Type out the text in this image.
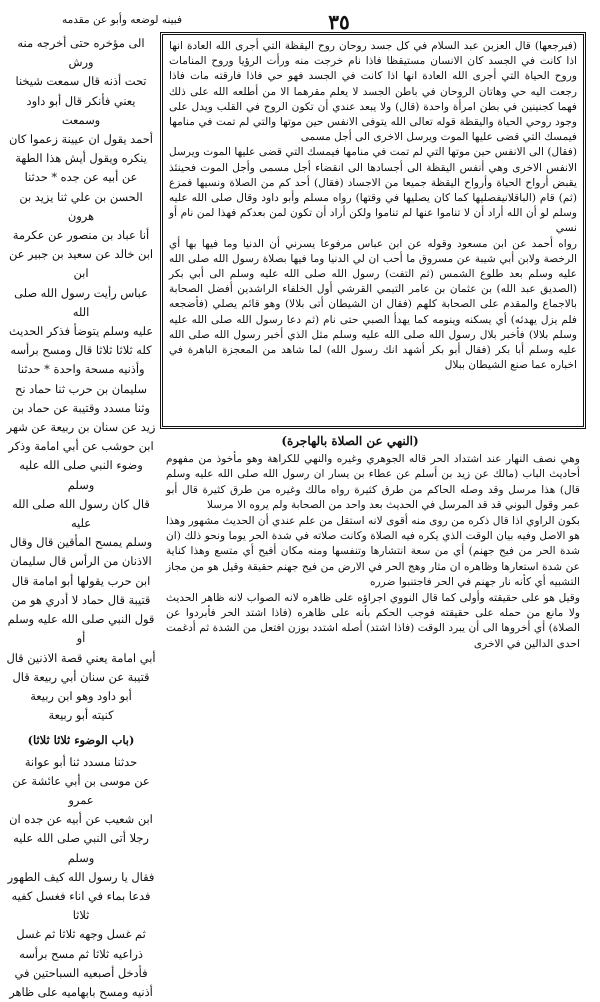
فبينه لوضعه وأبو عن مقدمه	٣٥

(فيرجعها) قال العزبن عبد السلام في كل جسد روحان روح اليقظة التي أجرى الله العادة انها اذا كانت في الجسد كان الانسان مستيقظا فاذا نام خرجت منه ورأت الرؤيا وروح المنامات وروح الحياة التي أجرى الله العادة انها اذا كانت في الجسد فهو حي فاذا فارقته مات فاذا رجعت اليه حي وهاتان الروحان في باطن الجسد لا يعلم مقرهما الا من أطلعه الله على ذلك فهما كجنينين في بطن امرأة واحدة (قال) ولا يبعد عندي أن تكون الروح في القلب ويدل على وجود روحي الحياة واليقظة قوله تعالى الله يتوفى الانفس حين موتها والتي لم تمت في منامها فيمسك التي قضى عليها الموت ويرسل الاخرى الى أجل مسمى

(فقال) الى الانفس حين موتها التي لم تمت في منامها فيمسك التي قضى عليها الموت ويرسل الانفس الاخرى وهي أنفس اليقظة الى أجسادها الى انقضاء أجل مسمى وأجل الموت فحينئذ يقبض أرواح الحياة وأرواح اليقظة جميعا من الاجساد (فقال) أحد كم من الصلاة ونسيها فمزع (ثم) قام (الباقلانيفصليها كما كان يصليها في وقتها) رواه مسلم وأبو داود وقال صلى الله عليه وسلم لو أن الله أراد أن لا تناموا عنها لم تناموا ولكن أراد أن تكون لمن بعدكم فهذا لمن نام أو نسي

رواه أحمد عن ابن مسعود وقوله عن ابن عباس مرفوعا يسرني أن الدنيا وما فيها بها أي الرخصة ولابن أبي شيبة عن مسروق ما أحب ان لي الدنيا وما فيها بصلاة رسول الله صلى الله عليه وسلم بعد طلوع الشمس (ثم التفت) رسول الله صلى الله عليه وسلم الى أبي بكر (الصديق عبد الله) بن عثمان بن عامر التيمي القرشي أول الخلفاء الراشدين أفضل الصحابة بالاجماع والمقدم على الصحابة كلهم (فقال ان الشيطان أتى بلالا) وهو قائم يصلي (فأضجعه فلم يزل يهدئه) أي يسكنه وينومه كما يهدأ الصبي حتى نام (ثم دعا رسول الله صلى الله عليه وسلم بلالا) فأخبر بلال رسول الله صلى الله عليه وسلم مثل الذي أخبر رسول الله صلى الله عليه وسلم أبا بكر (فقال أبو بكر أشهد انك رسول الله) لما شاهد من المعجزة الباهرة في اخباره عما صنع الشيطان ببلال

(النهي عن الصلاة بالهاجرة)

وهي نصف النهار عند اشتداد الحر قاله الجوهري وغيره والنهي للكراهة وهو مأخوذ من مفهوم أحاديث الباب (مالك عن زيد بن أسلم عن عطاء بن يسار ان رسول الله صلى الله عليه وسلم قال) هذا مرسل وقد وصله الحاكم من طرق كثيرة رواه مالك وغيره من طرق كثيرة قال أبو عمر وقول البوني قد قد المرسل في الحديث بعد واحد من الصحابة ولم يروه الا مرسلا

بكون الراوي اذا قال ذكره من روى منه أقوى لانه استقل من علم عندي أن الحديث مشهور وهذا هو الاصل وفيه بيان الوقت الذي يكره فيه الصلاة وكانت صلاته في شدة الحر يوما ونحو ذلك (ان شدة الحر من فيح جهنم) أي من سعة انتشارها وتنفسها ومنه مكان أفيح أي متسع وهذا كناية عن شدة استعارها وظاهره ان مثار وهج الحر في الارض من فيح جهنم حقيقة وقيل هو من مجاز التشبيه أي كأنه نار جهنم في الحر فاجتنبوا ضرره

وقيل هو على حقيقته وأولى كما قال النووي اجراؤه على ظاهره لانه الصواب لانه ظاهر الحديث ولا مانع من حمله على حقيقته فوجب الحكم بأنه على ظاهره (فاذا اشتد الحر فأبردوا عن الصلاة) أي أخروها الى أن يبرد الوقت (فاذا اشتد) أصله اشتدد بوزن افتعل من الشدة ثم أدغمت احدى الدالين في الاخرى

الى مؤخره حتى أخرجه منه ورش

تحت أذنه قال سمعت شيخنا

يعني فأنكر قال أبو داود وسمعت

أحمد يقول ان عيينة زعموا كان

ينكره ويقول أيش هذا الطهة

عن أبيه عن جده * حدثنا

الحسن بن علي ثنا يزيد بن هرون

أنا عباد بن منصور عن عكرمة

ابن خالد عن سعيد بن جبير عن ابن

عباس رأيت رسول الله صلى الله

عليه وسلم يتوضأ فذكر الحديث

كله ثلاثا ثلاثا قال ومسح برأسه

وأذنيه مسحة واحدة * حدثنا

سليمان بن حرب ثنا حماد نح

وثنا مسدد وقتيبة عن حماد بن

زيد عن سنان بن ربيعة عن شهر

ابن حوشب عن أبي امامة وذكر

وضوء النبي صلى الله عليه وسلم

قال كان رسول الله صلى الله عليه

وسلم يمسح المأقين قال وقال

الاذنان من الرأس قال سليمان

ابن حرب يقولها أبو امامة قال

قتيبة قال حماد لا أدري هو من

قول النبي صلى الله عليه وسلم أو

أبي امامة يعني قصة الاذنين قال

قتيبة عن سنان أبي ربيعة قال

أبو داود وهو ابن ربيعة

كنيته أبو ربيعة

(باب الوضوء ثلاثا ثلاثا)

حدثنا مسدد ثنا أبو عوانة

عن موسى بن أبي عائشة عن عمرو

ابن شعيب عن أبيه عن جده ان

رجلا أتى النبي صلى الله عليه وسلم

فقال يا رسول الله كيف الطهور

فدعا بماء في اناء فغسل كفيه ثلاثا

ثم غسل وجهه ثلاثا ثم غسل

ذراعيه ثلاثا ثم مسح برأسه

فأدخل أصبعيه السباحتين في

أذنيه ومسح بابهاميه على ظاهر
